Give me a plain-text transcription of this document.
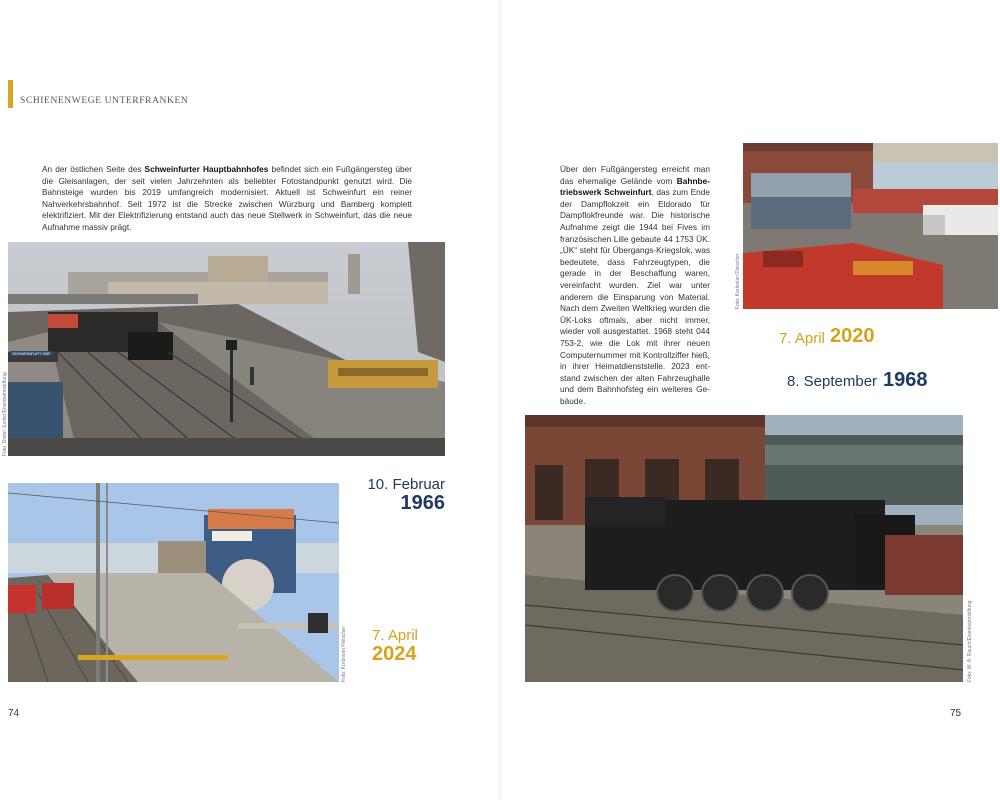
SCHIENENWEGE UNTERFRANKEN
An der östlichen Seite des Schweinfurter Hauptbahnhofes befindet sich ein Fußgängersteg über die Gleisanlagen, der seit vielen Jahrzehnten als beliebter Fotostandpunkt genutzt wird. Die Bahnsteige wurden bis 2019 umfangreich modernisiert. Aktuell ist Schweinfurt ein reiner Nahverkehrsbahnhof. Seit 1972 ist die Strecke zwischen Würzburg und Bamberg komplett elektrifiziert. Mit der Elektrifizierung entstand auch das neue Stellwerk in Schweinfurt, das die neue Aufnahme massiv prägt.
SCHWEINFURT HBF
Foto: Dieter Junker/Eisenbahnstiftung
10. Februar
1966
Foto: Korbinian Fleischer 7. April
2024
74
Über den Fußgängersteg erreicht man das ehemalige Gelände vom Bahnbetriebswerk Schweinfurt, das zum Ende der Dampflokzeit ein Eldorado für Dampflokfreunde war. Die historische Aufnahme zeigt die 1944 bei Fives im französischen Lille gebaute 44 1753 ÜK. „ÜK“ steht für Übergangs-Kriegslok, was bedeutete, dass Fahrzeugtypen, die gerade in der Beschaffung waren, vereinfacht wurden. Ziel war unter anderem die Einsparung von Material. Nach dem Zweiten Weltkrieg wurden die ÜK-Loks oftmals, aber nicht immer, wieder voll ausgestattet. 1968 steht 044 753-2, wie die Lok mit ihrer neuen Computernummer mit Kontrollziffer hieß, in ihrer Heimatdienststelle. 2023 entstand zwischen der alten Fahrzeughalle und dem Bahnhofsteg ein weiteres Gebäude.
Foto: Korbinian Fleischer
7. April 2020
8. September 1968
Foto: W. A. Rauch/Eisenbahnstiftung
75
